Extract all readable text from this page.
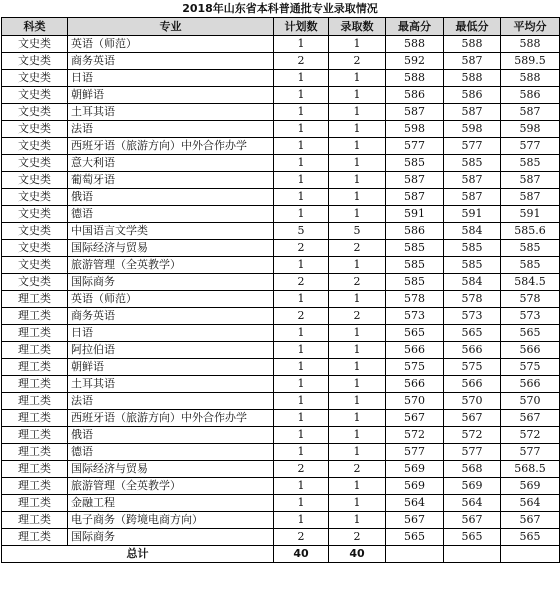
2018年山东省本科普通批专业录取情况
科类	专业	计划数	录取数	最高分	最低分	平均分
文史类	英语（师范）	1	1	588	588	588
文史类	商务英语	2	2	592	587	589.5
文史类	日语	1	1	588	588	588
文史类	朝鲜语	1	1	586	586	586
文史类	土耳其语	1	1	587	587	587
文史类	法语	1	1	598	598	598
文史类	西班牙语（旅游方向）中外合作办学	1	1	577	577	577
文史类	意大利语	1	1	585	585	585
文史类	葡萄牙语	1	1	587	587	587
文史类	俄语	1	1	587	587	587
文史类	德语	1	1	591	591	591
文史类	中国语言文学类	5	5	586	584	585.6
文史类	国际经济与贸易	2	2	585	585	585
文史类	旅游管理（全英教学）	1	1	585	585	585
文史类	国际商务	2	2	585	584	584.5
理工类	英语（师范）	1	1	578	578	578
理工类	商务英语	2	2	573	573	573
理工类	日语	1	1	565	565	565
理工类	阿拉伯语	1	1	566	566	566
理工类	朝鲜语	1	1	575	575	575
理工类	土耳其语	1	1	566	566	566
理工类	法语	1	1	570	570	570
理工类	西班牙语（旅游方向）中外合作办学	1	1	567	567	567
理工类	俄语	1	1	572	572	572
理工类	德语	1	1	577	577	577
理工类	国际经济与贸易	2	2	569	568	568.5
理工类	旅游管理（全英教学）	1	1	569	569	569
理工类	金融工程	1	1	564	564	564
理工类	电子商务（跨境电商方向）	1	1	567	567	567
理工类	国际商务	2	2	565	565	565
总计		40	40			
